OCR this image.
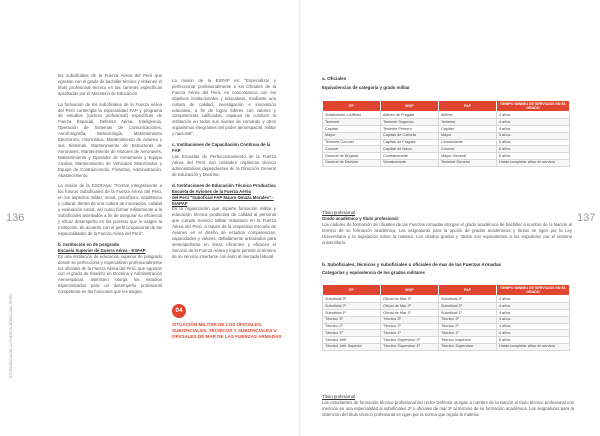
136	137
ESTRATEGIA DE LA FUERZA AÉREA DEL PERÚ

los suboficiales de la Fuerza Aérea del Perú que egresan con el grado de bachiller técnico y obtienen el título profesional técnico en las carreras específicas aprobadas por el Ministerio de Educación.

La formación de los suboficiales de la Fuerza Aérea del Perú contempla la especialidad FAP y programa de estudios (carrera profesional) específicas de Fuerza Espacial, Defensa Aérea, Inteligencia, Operación de Sistemas de Comunicaciones, Aerofotografía, Meteorología, Mantenimiento Electrónico, Informática, Mantenimiento de Aviones y sus Sistemas, Mantenimiento de Estructuras de Aeronaves, Mantenimiento de Motores de Aeronaves, Mantenimiento y Operador de Armamento y Equipo Auxiliar, Mantenimiento de Vehículos Motorizados y Equipo de Contraincendio, Finanzas, Administración, Abastecimiento.

La misión de la ESOFAya: "Formar integralmente a los futuros Suboficiales de la Fuerza Aérea del Perú, en los aspectos militar, moral, psicofísico, académico y cultural, dentro de una cultura de innovación, calidad y evaluación social, así como formar militarmente a la Suboficiales asimilados a fin de asegurar su eficiencia y eficaz desempeño en los puestos que le asigne la Institución, de acuerdo con el perfil ocupacional de las especialidades de la Fuerza Aérea del Perú".

b. Institución en de posgrado
Escuela Superior de Guerra Aérea - ESFAP

Es una institución de educación superior de posgrado donde se perfecciona y especializan profesionalmente los oficiales de la Fuerza Aérea del Perú, que egresan con el grado de maestro en Doctrina y Administración Aeroespacial, asimismo otorga los estudios especializados para un desempeño profesional competente en las funciones que les asigne.

La misión de la ESFAP es: "Especializar y perfeccionar profesionalmente a los Oficiales de la Fuerza Aérea del Perú, en concordancia con los objetivos institucionales y educativos, mediante una cultura de calidad, investigación e innovación educativa, a fin de lograr líderes con valores y competencias calificadas, capaces de conducir la institución en todos sus niveles de comando y otros organismos integrantes del poder aeroespacial, militar y nacional".

c. Instituciones de Capacitación Continua de la FAP

Las Escuelas de Perfeccionamiento de la Fuerza Aérea del Perú son unidades orgánicas técnico administrativas dependientes de la Dirección General de Educación y Doctrina.

d. Instituciones de Educación Técnico Productiva
Escuela de Aviones de la Fuerza Aérea
del Perú "Suboficial FAP Mauro Omaza Morales" - EIAPAF

Es la organización que imparte formación militar y educación técnica productiva de calidad al personal que cumple Servicio Militar Voluntario en la Fuerza Aérea del Perú, a través de la respectiva Escuela de Aviones en el diseño de estudios competencias, capacidades y valores, debidamente articulados para desempeñarse en áreas eficientes y eficaces el Servicio de la Fuerza Aérea y lograr permitir al término de su servicio insertarse con éxito al mercado laboral.

04
SITUACIÓN MILITAR DE LOS OFICIALES, SUBOFICIALES, TÉCNICOS Y SUBOFICIALES U OFICIALES DE MAR DE LAS FUERZAS ARMADAS
a. Oficiales
Equivalencias de categoría y grado militar
EP	MGP	FAP	TIEMPO MÍNIMO DE SERVICIOS EN EL GRADO
Subteniente o Alférez	Alférez de Fragata	Alférez	4 años
Teniente	Teniente Segundo	Teniente	4 años
Capitán	Teniente Primero	Capitán	4 años
Mayor	Capitán de Corbeta	Mayor	5 años
Teniente Coronel	Capitán de Fragata	Comandante	5 años
Coronel	Capitán de Navío	Coronel	6 años
General de Brigada	Contralmirante	Mayor General	5 años
General de División	Vicealmirante	Teniente General	Hasta completar años de servicio
Título profesional
Grado académico y título profesional:

Los cadetes de formación de oficiales de las Fuerzas Armadas otorgan el grado académico de bachiller a nombre de la Nación al término de su formación académica. Las asignaturas para la opción de grados académicos y títulos se rigen por la Ley Universitaria y la legislación sobre la materia. Los citados grados y títulos son equivalentes a los expedidos por el sistema universitario.

b. Suboficiales, técnicos y suboficiales u oficiales de mar de las Fuerzas Armadas
Categorías y equivalencia de los grados militares
EP	MGP	FAP	TIEMPO MÍNIMO DE SERVICIOS EN EL GRADO
Suboficial 3º	Oficial de Mar 3º	Suboficial 3º	4 años
Suboficial 2º	Oficial de Mar 2º	Suboficial 2º	4 años
Suboficial 1º	Oficial de Mar 1º	Suboficial 1º	4 años
Técnico 3º	Técnico 3º	Técnico 3º	4 años
Técnico 2º	Técnico 2º	Técnico 2º	4 años
Técnico 1º	Técnico 1º	Técnico 1º	4 años
Técnico Jefe	Técnico Supervisor 2º	Técnico Inspector	5 años
Técnico Jefe Superior	Técnico Supervisor 1º	Técnico Supervisor	Hasta completar años de servicio
Título profesional

Los estudiantes de formación técnico-profesional del rector Defensa otorgan a nombre de la Nación el título técnico profesional con mención en una especialidad al suboficiales 3º o oficiales de mar 3º al término de su formación académica. Las asignaturas para la obtención del título técnico profesional se rigen por la norma que regula la materia.
